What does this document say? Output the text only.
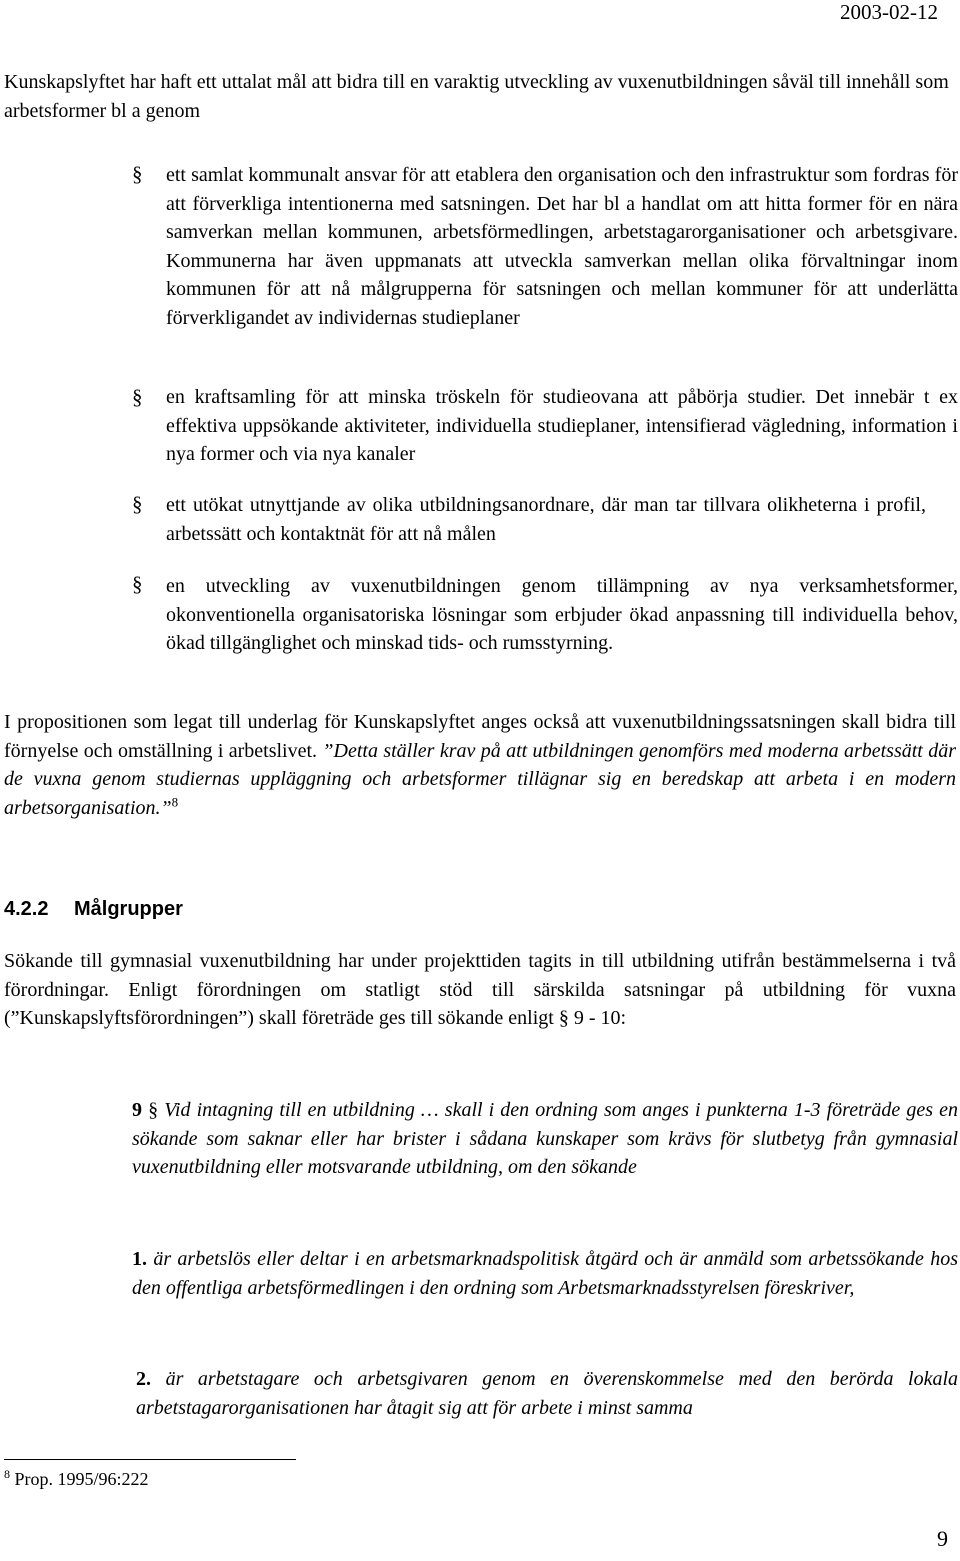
2003-02-12

Kunskapslyftet har haft ett uttalat mål att bidra till en varaktig utveckling av vuxenutbildningen såväl till innehåll som arbetsformer bl a genom

§ ett samlat kommunalt ansvar för att etablera den organisation och den infrastruktur som fordras för att förverkliga intentionerna med satsningen. Det har bl a handlat om att hitta former för en nära samverkan mellan kommunen, arbetsförmedlingen, arbetstagarorganisationer och arbetsgivare. Kommunerna har även uppmanats att utveckla samverkan mellan olika förvaltningar inom kommunen för att nå målgrupperna för satsningen och mellan kommuner för att underlätta förverkligandet av individernas studieplaner

§ en kraftsamling för att minska tröskeln för studieovana att påbörja studier. Det innebär t ex effektiva uppsökande aktiviteter, individuella studieplaner, intensifierad vägledning, information i nya former och via nya kanaler

§ ett utökat utnyttjande av olika utbildningsanordnare, där man tar tillvara olikheterna i profil, arbetssätt och kontaktnät för att nå målen

§ en utveckling av vuxenutbildningen genom tillämpning av nya verksamhetsformer, okonventionella organisatoriska lösningar som erbjuder ökad anpassning till individuella behov, ökad tillgänglighet och minskad tids- och rumsstyrning.

I propositionen som legat till underlag för Kunskapslyftet anges också att vuxenutbildningssatsningen skall bidra till förnyelse och omställning i arbetslivet. ”Detta ställer krav på att utbildningen genomförs med moderna arbetssätt där de vuxna genom studiernas uppläggning och arbetsformer tillägnar sig en beredskap att arbeta i en modern arbetsorganisation.”$^8$

4.2.2 Målgrupper

Sökande till gymnasial vuxenutbildning har under projekttiden tagits in till utbildning utifrån bestämmelserna i två förordningar. Enligt förordningen om statligt stöd till särskilda satsningar på utbildning för vuxna (”Kunskapslyftsförordningen”) skall företräde ges till sökande enligt § 9 - 10:

9 § Vid intagning till en utbildning … skall i den ordning som anges i punkterna 1-3 företräde ges en sökande som saknar eller har brister i sådana kunskaper som krävs för slutbetyg från gymnasial vuxenutbildning eller motsvarande utbildning, om den sökande

1. är arbetslös eller deltar i en arbetsmarknadspolitisk åtgärd och är anmäld som arbetssökande hos den offentliga arbetsförmedlingen i den ordning som Arbetsmarknadsstyrelsen föreskriver,

2. är arbetstagare och arbetsgivaren genom en överenskommelse med den berörda lokala arbetstagarorganisationen har åtagit sig att för arbete i minst samma

$^8$ Prop. 1995/96:222
9
